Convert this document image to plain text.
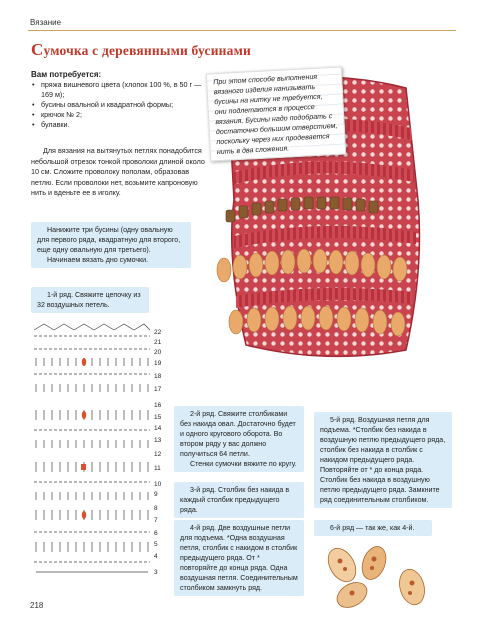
Вязание
Сумочка с деревянными бусинами
Вам потребуется:
• пряжа вишневого цвета (хлопок 100 %, в 50 г — 169 м);
• бусины овальной и квадратной формы;
• крючок № 2;
• булавки.

Для вязания на вытянутых петлях понадобится небольшой отрезок тонкой проволоки длиной около 10 см. Сложите проволоку пополам, образовав петлю. Если проволоки нет, возьмите капроновую нить и вденьте ее в иголку.

При этом способе выполнения вязаного изделия нанизывать бусины на нитку не требуется, они подлетаются в процессе вязания. Бусины надо подобрать с достаточно большим отверстием, поскольку через них продевается нить в два сложения.

Нанижите три бусины (одну овальную для первого ряда, квадратную для второго, еще одну овальную для третьего).

Начинаем вязать дно сумочки.

1-й ряд. Свяжите цепочку из 32 воздушных петель.

22
21
20
19
18
17
16
15
14
13
12
11
10
9
8
7
6
5
4
3

2-й ряд. Свяжите столбиками без накида овал. Достаточно будет и одного кругового оборота. Во втором ряду у вас должно получиться 64 петли.

Стенки сумочки вяжите по кругу.

3-й ряд. Столбик без накида в каждый столбик предыдущего ряда.

4-й ряд. Две воздушные петли для подъема. *Одна воздушная петля, столбик с накидом в столбик предыдущего ряда. От * повторяйте до конца ряда. Одна воздушная петля. Соединительным столбиком замкнуть ряд.

5-й ряд. Воздушная петля для подъема. *Столбик без накида в воздушную петлю предыдущего ряда, столбик без накида в столбик с накидом предыдущего ряда. Повторяйте от * до конца ряда. Столбик без накида в воздушную петлю предыдущего ряда. Замкните ряд соединительным столбиком.

6-й ряд — так же, как 4-й.

218
